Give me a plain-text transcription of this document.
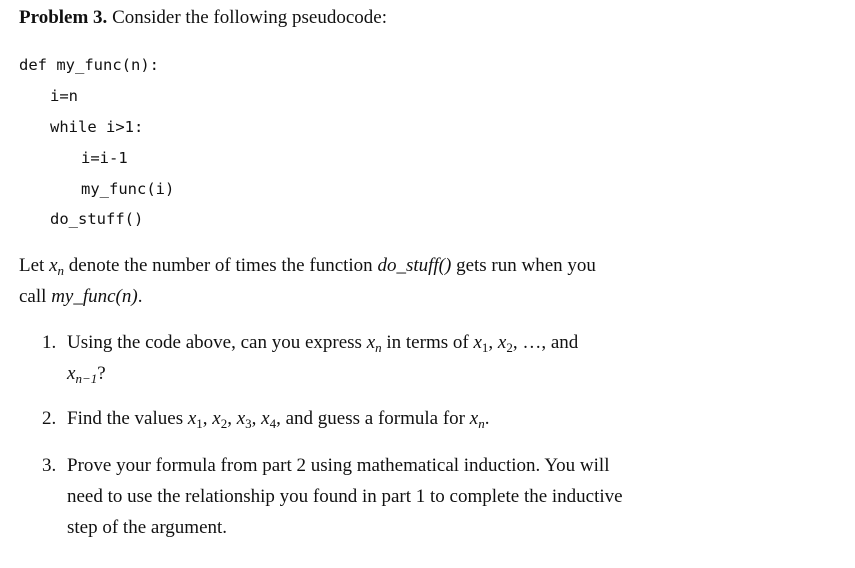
Problem 3. Consider the following pseudocode:
def my_func(n):
i=n
while i>1:
i=i-1
my_func(i)
do_stuff()
Let $x_n$ denote the number of times the function do_stuff() gets run when you
call my_func(n).
1. Using the code above, can you express $x_n$ in terms of $x_1$, $x_2$, …, and
$x_{n-1}$?
2. Find the values $x_1$, $x_2$, $x_3$, $x_4$, and guess a formula for $x_n$.
3. Prove your formula from part 2 using mathematical induction. You will
need to use the relationship you found in part 1 to complete the inductive
step of the argument.
